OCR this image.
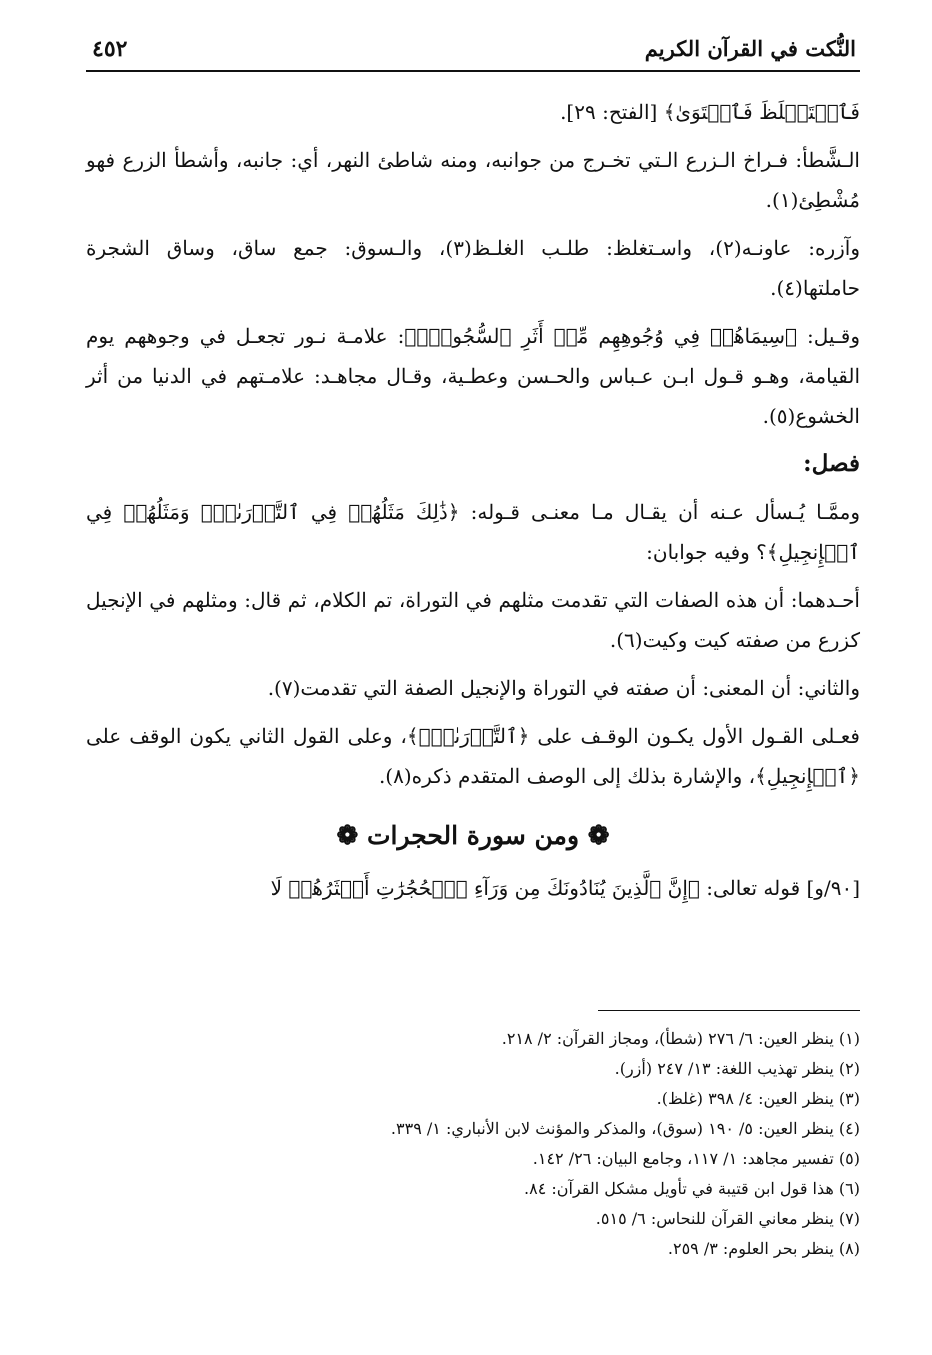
النُّكت في القرآن الكريم
٤٥٢

فَٱسۡتَغۡلَظَ فَٱسۡتَوَىٰ﴾ [الفتح: ٢٩].

الـشَّطأ: فـراخ الـزرع الـتي تخـرج من جوانبه، ومنه شاطئ النهر، أي: جانبه، وأشطأ الزرع فهو مُشْطِئ(١).

وآزره: عاونـه(٢)، واسـتغلظ: طلـب الغلـظ(٣)، والـسوق: جمع ساق، وساق الشجرة حاملتها(٤).

وقـيل: ﴿سِيمَاهُمۡ فِي وُجُوهِهِم مِّنۡ أَثَرِ ٱلسُّجُودِۚ﴾: علامـة نـور تجعـل في وجوههم يوم القيامة، وهـو قـول ابـن عـباس والحـسن وعطـية، وقـال مجاهـد: علامـتهم في الدنيا من أثر الخشوع(٥).

فصل:

وممَّـا يُـسأل عـنه أن يقـال مـا معنـى قـوله: ﴿ذَٰلِكَ مَثَلُهُمۡ فِي ٱلتَّوۡرَىٰةِۚ وَمَثَلُهُمۡ فِي ٱلۡإِنجِيلِ﴾؟ وفيه جوابان:

أحـدهما: أن هذه الصفات التي تقدمت مثلهم في التوراة، تم الكلام، ثم قال: ومثلهم في الإنجيل كزرع من صفته كيت وكيت(٦).

والثاني: أن المعنى: أن صفته في التوراة والإنجيل الصفة التي تقدمت(٧).

فعـلى القـول الأول يكـون الوقـف على ﴿ٱلتَّوۡرَىٰةِۚ﴾، وعلى القول الثاني يكون الوقف على ﴿ٱلۡإِنجِيلِ﴾، والإشارة بذلك إلى الوصف المتقدم ذكره(٨).

❁ ومن سورة الحجرات ❁

[٩٠/و] قوله تعالى: ﴿إِنَّ ٱلَّذِينَ يُنَادُونَكَ مِن وَرَآءِ ٱلۡحُجُرَٰتِ أَكۡثَرُهُمۡ لَا

(١) ينظر العين: ٦/ ٢٧٦ (شطأ)، ومجاز القرآن: ٢/ ٢١٨.
(٢) ينظر تهذيب اللغة: ١٣/ ٢٤٧ (أزر).
(٣) ينظر العين: ٤/ ٣٩٨ (غلظ).
(٤) ينظر العين: ٥/ ١٩٠ (سوق)، والمذكر والمؤنث لابن الأنباري: ١/ ٣٣٩.
(٥) تفسير مجاهد: ١/ ١١٧، وجامع البيان: ٢٦/ ١٤٢.
(٦) هذا قول ابن قتيبة في تأويل مشكل القرآن: ٨٤.
(٧) ينظر معاني القرآن للنحاس: ٦/ ٥١٥.
(٨) ينظر بحر العلوم: ٣/ ٢٥٩.
